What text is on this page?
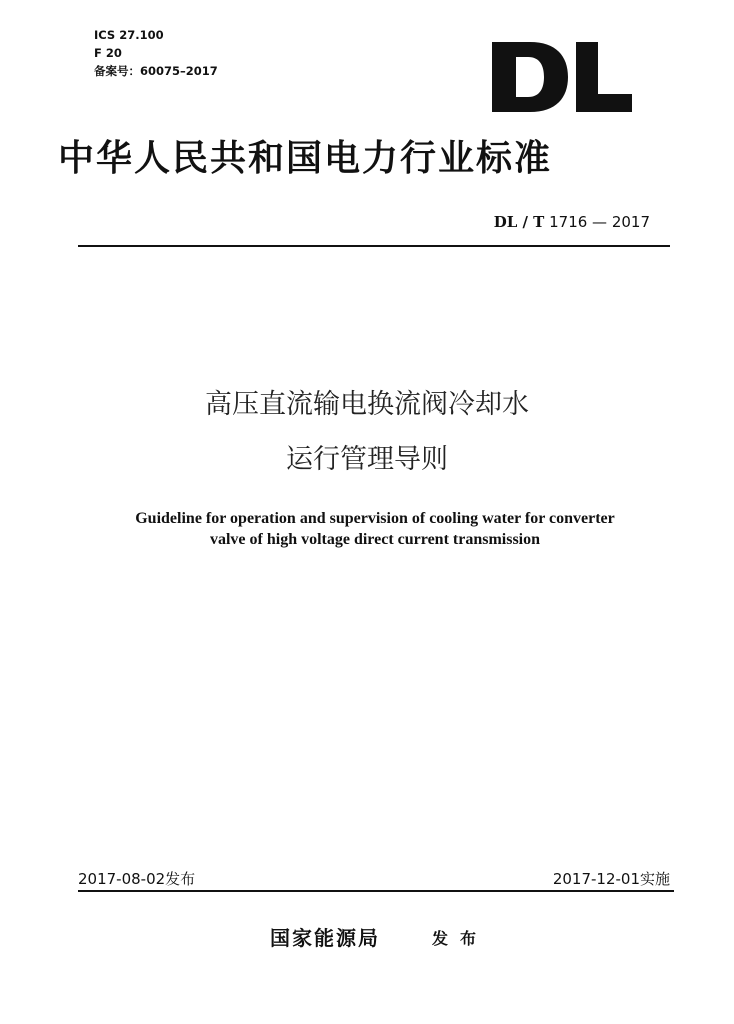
ICS 27.100
F 20
备案号：60075–2017
中华人民共和国电力行业标准
DL / T 1716 — 2017
高压直流输电换流阀冷却水
运行管理导则
Guideline for operation and supervision of cooling water for converter
valve of high voltage direct current transmission
2017-08-02发布	2017-12-01实施
国家能源局	发布
